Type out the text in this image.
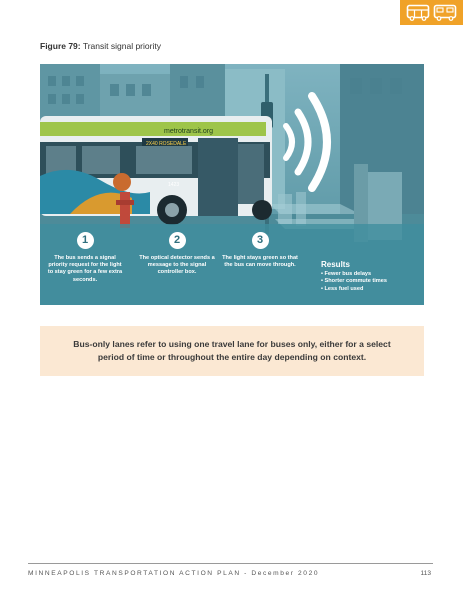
Figure 79: Transit signal priority
metrotransit.org
2X40 ROSEDALE
1423
1
The bus sends a signal priority request for the light to stay green for a few extra seconds.
2
The optical detector sends a message to the signal controller box.
3
The light stays green so that the bus can move through.	Results
• Fewer bus delays
• Shorter commute times
• Less fuel used

Bus-only lanes refer to using one travel lane for buses only, either for a select period of time or throughout the entire day depending on context.

MINNEAPOLIS TRANSPORTATION ACTION PLAN - December 2020	113
